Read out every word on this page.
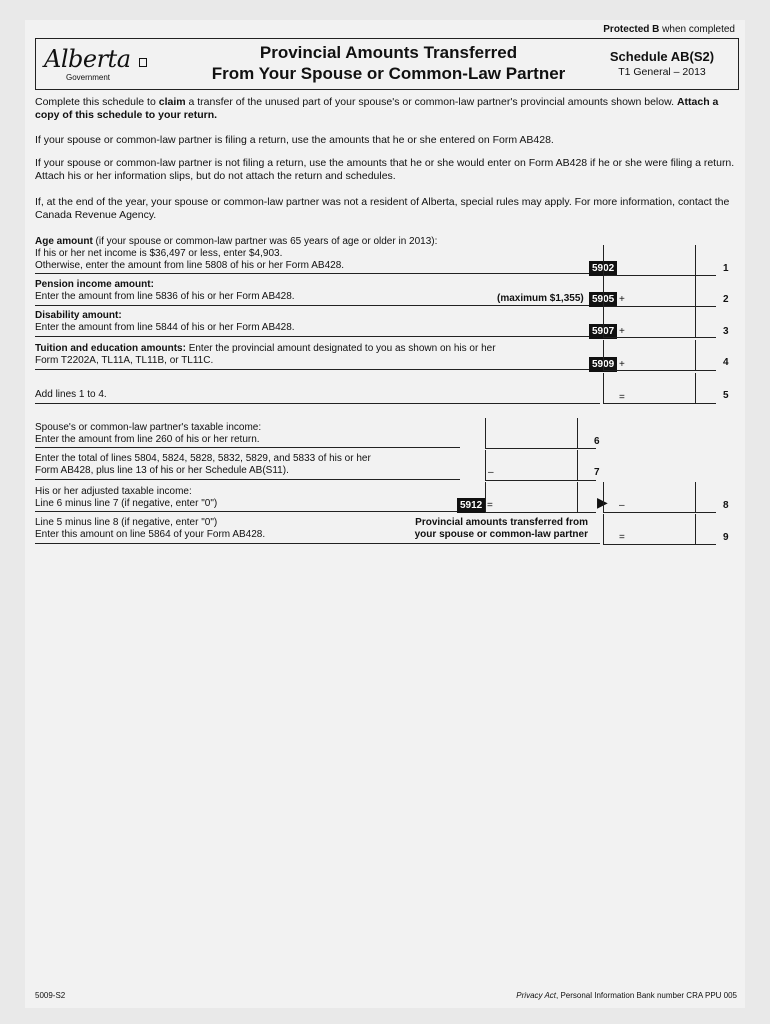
Protected B when completed
Alberta
Government
Provincial Amounts Transferred
From Your Spouse or Common-Law Partner
Schedule AB(S2)
T1 General – 2013
Complete this schedule to claim a transfer of the unused part of your spouse's or common-law partner's provincial amounts shown below. Attach a copy of this schedule to your return.
If your spouse or common-law partner is filing a return, use the amounts that he or she entered on Form AB428.
If your spouse or common-law partner is not filing a return, use the amounts that he or she would enter on Form AB428 if he or she were filing a return. Attach his or her information slips, but do not attach the return and schedules.
If, at the end of the year, your spouse or common-law partner was not a resident of Alberta, special rules may apply. For more information, contact the Canada Revenue Agency.
Age amount (if your spouse or common-law partner was 65 years of age or older in 2013):
If his or her net income is $36,497 or less, enter $4,903.
Otherwise, enter the amount from line 5808 of his or her Form AB428.	5902	1
Pension income amount:
Enter the amount from line 5836 of his or her Form AB428.	(maximum $1,355) 5905 +	2
Disability amount:
Enter the amount from line 5844 of his or her Form AB428.	5907 +	3
Tuition and education amounts: Enter the provincial amount designated to you as shown on his or her
Form T2202A, TL11A, TL11B, or TL11C.	5909 +	4
Add lines 1 to 4.	=	5
Spouse's or common-law partner's taxable income:
Enter the amount from line 260 of his or her return.	6
Enter the total of lines 5804, 5824, 5828, 5832, 5829, and 5833 of his or her
Form AB428, plus line 13 of his or her Schedule AB(S11).	–	7
His or her adjusted taxable income:
Line 6 minus line 7 (if negative, enter "0")	5912 =	▶ –	8
Line 5 minus line 8 (if negative, enter "0")
Enter this amount on line 5864 of your Form AB428.
Provincial amounts transferred from
your spouse or common-law partner	=	9
5009-S2	Privacy Act, Personal Information Bank number CRA PPU 005
